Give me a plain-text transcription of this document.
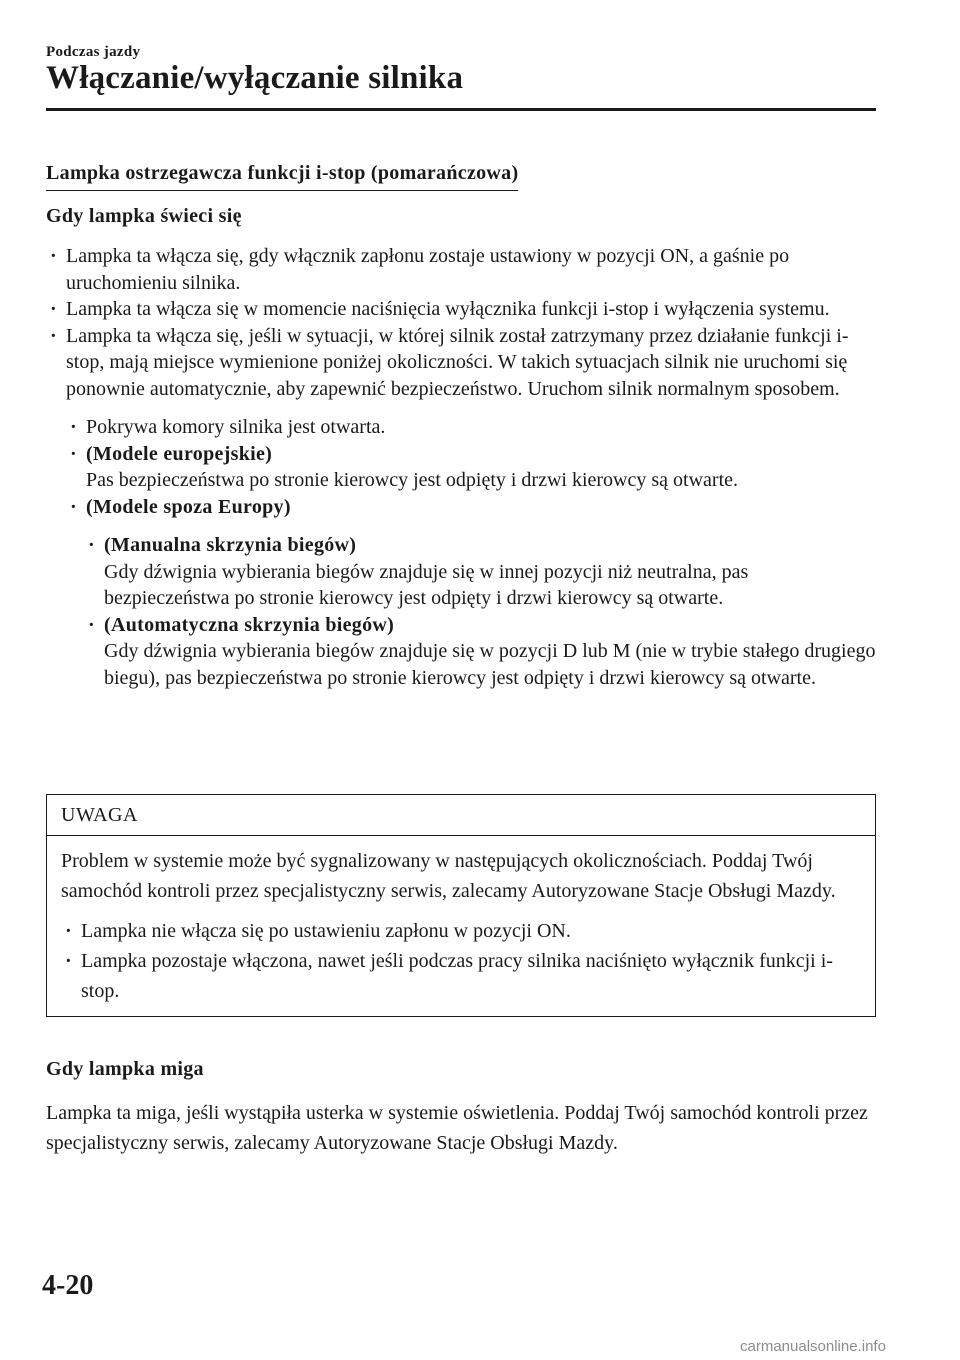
Podczas jazdy
Włączanie/wyłączanie silnika
Lampka ostrzegawcza funkcji i-stop (pomarańczowa)
Gdy lampka świeci się
· Lampka ta włącza się, gdy włącznik zapłonu zostaje ustawiony w pozycji ON, a gaśnie po uruchomieniu silnika.
· Lampka ta włącza się w momencie naciśnięcia wyłącznika funkcji i-stop i wyłączenia systemu.
· Lampka ta włącza się, jeśli w sytuacji, w której silnik został zatrzymany przez działanie funkcji i-stop, mają miejsce wymienione poniżej okoliczności. W takich sytuacjach silnik nie uruchomi się ponownie automatycznie, aby zapewnić bezpieczeństwo. Uruchom silnik normalnym sposobem.
· Pokrywa komory silnika jest otwarta.
· (Modele europejskie)
Pas bezpieczeństwa po stronie kierowcy jest odpięty i drzwi kierowcy są otwarte.
· (Modele spoza Europy)
· (Manualna skrzynia biegów)
Gdy dźwignia wybierania biegów znajduje się w innej pozycji niż neutralna, pas bezpieczeństwa po stronie kierowcy jest odpięty i drzwi kierowcy są otwarte.
· (Automatyczna skrzynia biegów)
Gdy dźwignia wybierania biegów znajduje się w pozycji D lub M (nie w trybie stałego drugiego biegu), pas bezpieczeństwa po stronie kierowcy jest odpięty i drzwi kierowcy są otwarte.
UWAGA
Problem w systemie może być sygnalizowany w następujących okolicznościach. Poddaj Twój samochód kontroli przez specjalistyczny serwis, zalecamy Autoryzowane Stacje Obsługi Mazdy.
· Lampka nie włącza się po ustawieniu zapłonu w pozycji ON.
· Lampka pozostaje włączona, nawet jeśli podczas pracy silnika naciśnięto wyłącznik funkcji i-stop.
Gdy lampka miga
Lampka ta miga, jeśli wystąpiła usterka w systemie oświetlenia. Poddaj Twój samochód kontroli przez specjalistyczny serwis, zalecamy Autoryzowane Stacje Obsługi Mazdy.
4-20
carmanualsonline.info
